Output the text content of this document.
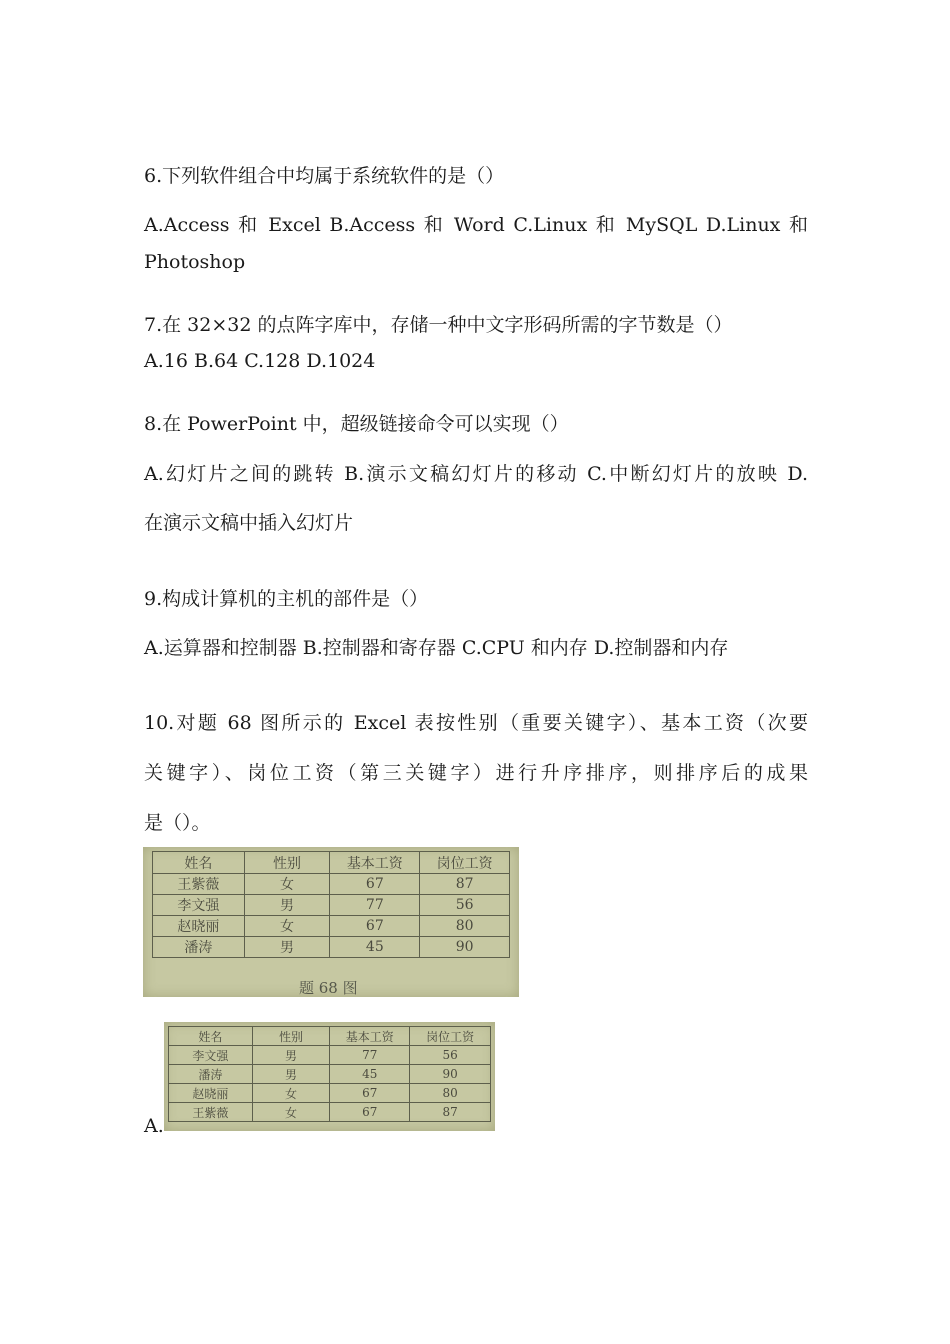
6.下列软件组合中均属于系统软件的是（）
A.Access 和 Excel B.Access 和 Word C.Linux 和 MySQL D.Linux 和
Photoshop
7.在 32×32 的点阵字库中，存储一种中文字形码所需的字节数是（）
A.16 B.64 C.128 D.1024
8.在 PowerPoint 中，超级链接命令可以实现（）
A.幻灯片之间的跳转 B.演示文稿幻灯片的移动 C.中断幻灯片的放映 D.
在演示文稿中插入幻灯片
9.构成计算机的主机的部件是（）
A.运算器和控制器 B.控制器和寄存器 C.CPU 和内存 D.控制器和内存
10.对题 68 图所示的 Excel 表按性别（重要关键字）、基本工资（次要
关键字）、岗位工资（第三关键字）进行升序排序，则排序后的成果
是（）。
姓名	性别	基本工资	岗位工资
王紫薇	女	67	87
李文强	男	77	56
赵晓丽	女	67	80
潘涛	男	45	90
题 68 图
A.
姓名	性别	基本工资	岗位工资
李文强	男	77	56
潘涛	男	45	90
赵晓丽	女	67	80
王紫薇	女	67	87
